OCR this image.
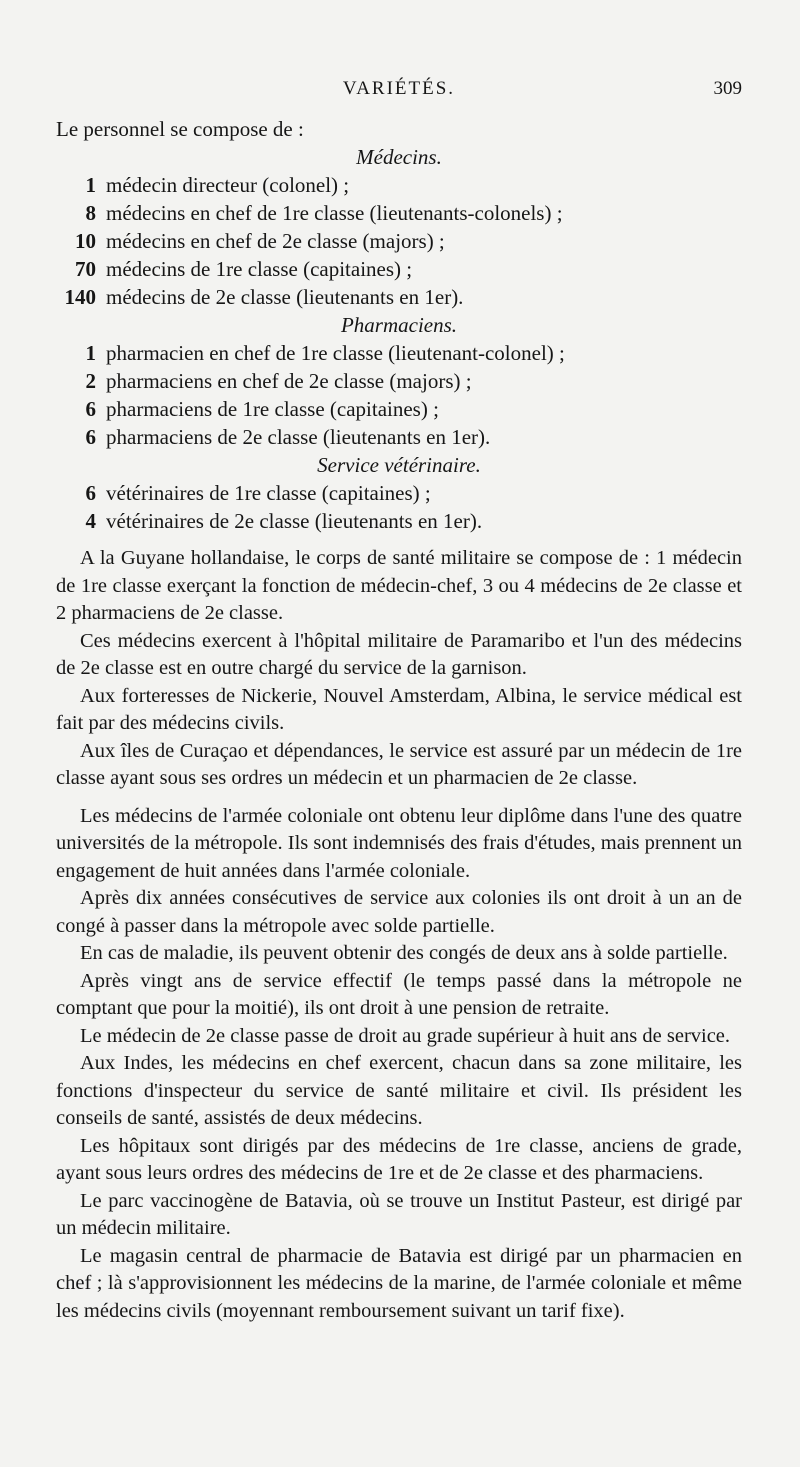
VARIÉTÉS.	309

Le personnel se compose de :

Médecins.

1 médecin directeur (colonel) ;
8 médecins en chef de 1re classe (lieutenants-colonels) ;
10 médecins en chef de 2e classe (majors) ;
70 médecins de 1re classe (capitaines) ;
140 médecins de 2e classe (lieutenants en 1er).

Pharmaciens.

1 pharmacien en chef de 1re classe (lieutenant-colonel) ;
2 pharmaciens en chef de 2e classe (majors) ;
6 pharmaciens de 1re classe (capitaines) ;
6 pharmaciens de 2e classe (lieutenants en 1er).

Service vétérinaire.

6 vétérinaires de 1re classe (capitaines) ;
4 vétérinaires de 2e classe (lieutenants en 1er).

A la Guyane hollandaise, le corps de santé militaire se compose de : 1 médecin de 1re classe exerçant la fonction de médecin-chef, 3 ou 4 médecins de 2e classe et 2 pharmaciens de 2e classe.

Ces médecins exercent à l'hôpital militaire de Paramaribo et l'un des médecins de 2e classe est en outre chargé du service de la garnison.

Aux forteresses de Nickerie, Nouvel Amsterdam, Albina, le service médical est fait par des médecins civils.

Aux îles de Curaçao et dépendances, le service est assuré par un médecin de 1re classe ayant sous ses ordres un médecin et un pharmacien de 2e classe.

Les médecins de l'armée coloniale ont obtenu leur diplôme dans l'une des quatre universités de la métropole. Ils sont indemnisés des frais d'études, mais prennent un engagement de huit années dans l'armée coloniale.

Après dix années consécutives de service aux colonies ils ont droit à un an de congé à passer dans la métropole avec solde partielle.

En cas de maladie, ils peuvent obtenir des congés de deux ans à solde partielle.

Après vingt ans de service effectif (le temps passé dans la métropole ne comptant que pour la moitié), ils ont droit à une pension de retraite.

Le médecin de 2e classe passe de droit au grade supérieur à huit ans de service.

Aux Indes, les médecins en chef exercent, chacun dans sa zone militaire, les fonctions d'inspecteur du service de santé militaire et civil. Ils président les conseils de santé, assistés de deux médecins.

Les hôpitaux sont dirigés par des médecins de 1re classe, anciens de grade, ayant sous leurs ordres des médecins de 1re et de 2e classe et des pharmaciens.

Le parc vaccinogène de Batavia, où se trouve un Institut Pasteur, est dirigé par un médecin militaire.

Le magasin central de pharmacie de Batavia est dirigé par un pharmacien en chef ; là s'approvisionnent les médecins de la marine, de l'armée coloniale et même les médecins civils (moyennant remboursement suivant un tarif fixe).
